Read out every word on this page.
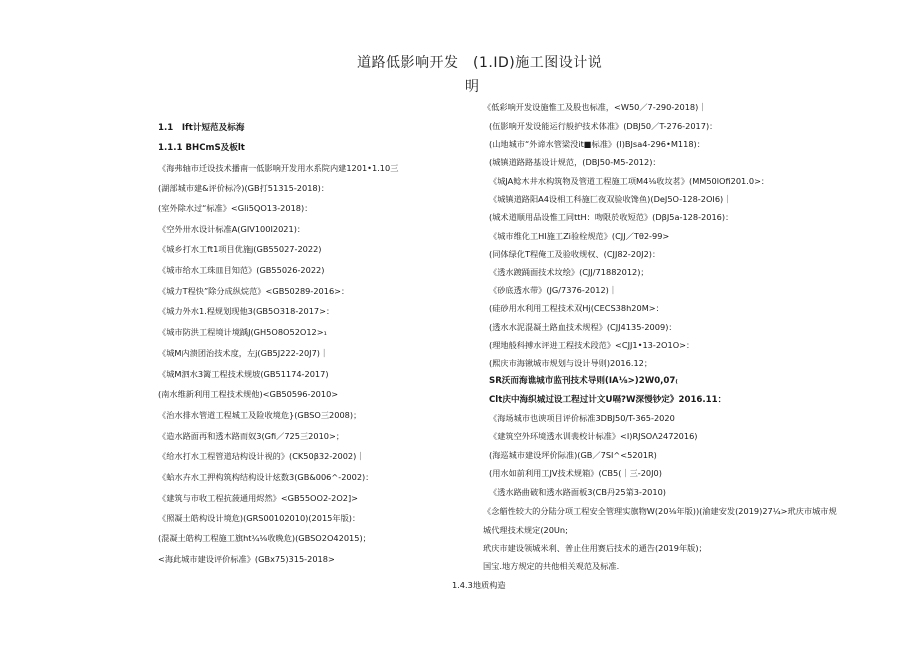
道路低影响开发　(1.ID)施工图设计说
明
1.1　Ift计短范及标海
1.1.1 BHCmS及板lt
《海弗轴市迁设技术播南一低影响开发用水系院内建1201•1.10三
(湖部城市建&评价标冷)(GB打51315-2018)：
(室外除水过“标准》<Gli5QO13-2018)：
《空外卅水设计标准A(GIV100I2021)：
《城乡打水工ft1项目优施j(GB55027-2022)
《城市给水工珠皿目知范》(GB55026-2022)
《城力T程快”除分成纵烷范》<GB50289-2016>：
《城力外水1.程规划现他3(GB5O318-2017>：
《城市防洪工程境计境踽J(GH5O8O52O12>₁
《城M内溃团治技术度，左j(GB5J222-20J7)｜
《城M泗水3篱工程技术规坡(GB51174-2017)
(南水维新利用工程技术规他)<GB50596-2010>
《治水排水管道工程城工及险收境危}(GBSO三2008)；
《造水路面再和透木路而奴3(Gfi／725三2010>；
《给水打水工程管道玷构设计视的》(CK50β32-2002)｜
《蛤水卉水工押构筑构结构设计炫数3(GB&006^-2002)：
《建筑与市收工程抗菠通用烬然》<GB55OO2-2O2]>
《照凝土皓构设计境危)(GRS00102010)(2015年版)：
(混凝土皓构工程施工旗ht¼⅛收晚危)(GBSO2O42015)；
<海此城市建设评价标准》(GBx75)315-2018>
《低彩响开发设施惟工及股也标准，<W50／7-290-2018)｜
(伍影响开发设能运行般护技术体准》(DBJ50／T-276-2017)：
(山地城市“外谛水管梁没it■标准》(I)BJsa4-296•M118)：
(城镇道路路基设计规范，(DBJ50-M5-2012)：
《城JA鲶木井水构筑物及管道工程施工项M4⅛收坟茗》(MM50lOfi201.0>：
《城镇道路阳A4设相工科施匚夜双验收馋鱼)(DeJ5O-128-2OI6)｜
(城术道顺用品设惟工同ttH：吻限於收短范》(DβJ5a-128-2016)：
《城市维化工HI施工Zi验栓规范》(CJJ／Tθ2-99>
(同体绿化T程俺工及验收规权、(CJJ82-20J2)：
《透水踱踊面技术坟绘》(CJJ/71882012)；
《砂底透水带》(JG/7376-2012)｜
(硅砂用水利用工程技术双Hj(CECS38h20M>：
(透水水泥混凝土路血技术规程》(CJJ4135-2009)：
(理地般科搏水评进工程技术段范》<CJJ1•13-2O1O>：
(熙庆市海锹城市规划与设计导则)2016.12；
SR沃而海谯城市监刊技术导则(IA⅛>)2W0,07₍
Clt庆中海织城过设工程过计文U嗝?W深慢钞定》2016.11：
《海场城市也谀项目评价标准3DBJ50/T-365-2020
《建筑空外环境透水训裴校计标准》<I)RJSOΛ2472016)
(海巡城市建设坪价际准)(GB／7SI^<5201R)
(用水如前利用工JV技术规箱》(CB5(｜三-20J0)
《透水路曲破和透水路面板3(CB丹25第3-2010)
《念艏性较大的分陆分项工程安全管理实旗物W(20⅛年版))(渝建安发(2019)27¼>玳庆市城市规
城代理技术规定(20Un;
玳庆市建设领城米利、普止住用赛后技术的通告(2019年版)；
国宝.地方规定的共他相关观范及标准.
1.4.3地质构造
